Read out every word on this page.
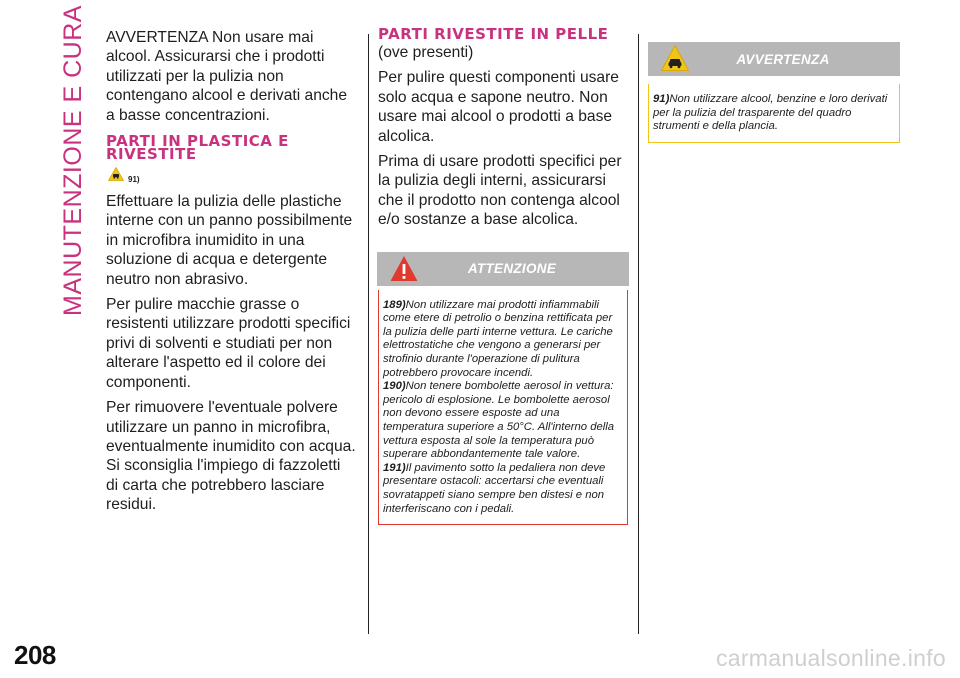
MANUTENZIONE E CURA AVVERTENZA Non usare mai alcool. Assicurarsi che i prodotti utilizzati per la pulizia non contengano alcool e derivati anche a basse concentrazioni.

PARTI IN PLASTICA E RIVESTITE
91)

Effettuare la pulizia delle plastiche interne con un panno possibilmente in microfibra inumidito in una soluzione di acqua e detergente neutro non abrasivo.

Per pulire macchie grasse o resistenti utilizzare prodotti specifici privi di solventi e studiati per non alterare l'aspetto ed il colore dei componenti.

Per rimuovere l'eventuale polvere utilizzare un panno in microfibra, eventualmente inumidito con acqua. Si sconsiglia l'impiego di fazzoletti di carta che potrebbero lasciare residui.

PARTI RIVESTITE IN PELLE

(ove presenti)

Per pulire questi componenti usare solo acqua e sapone neutro. Non usare mai alcool o prodotti a base alcolica.

Prima di usare prodotti specifici per la pulizia degli interni, assicurarsi che il prodotto non contenga alcool e/o sostanze a base alcolica.

ATTENZIONE

189)Non utilizzare mai prodotti infiammabili come etere di petrolio o benzina rettificata per la pulizia delle parti interne vettura. Le cariche elettrostatiche che vengono a generarsi per strofinio durante l'operazione di pulitura potrebbero provocare incendi.

190)Non tenere bombolette aerosol in vettura: pericolo di esplosione. Le bombolette aerosol non devono essere esposte ad una temperatura superiore a 50°C. All'interno della vettura esposta al sole la temperatura può superare abbondantemente tale valore.

191)Il pavimento sotto la pedaliera non deve presentare ostacoli: accertarsi che eventuali sovratappeti siano sempre ben distesi e non interferiscano con i pedali.

AVVERTENZA

91)Non utilizzare alcool, benzine e loro derivati per la pulizia del trasparente del quadro strumenti e della plancia.

208	carmanualsonline.info
